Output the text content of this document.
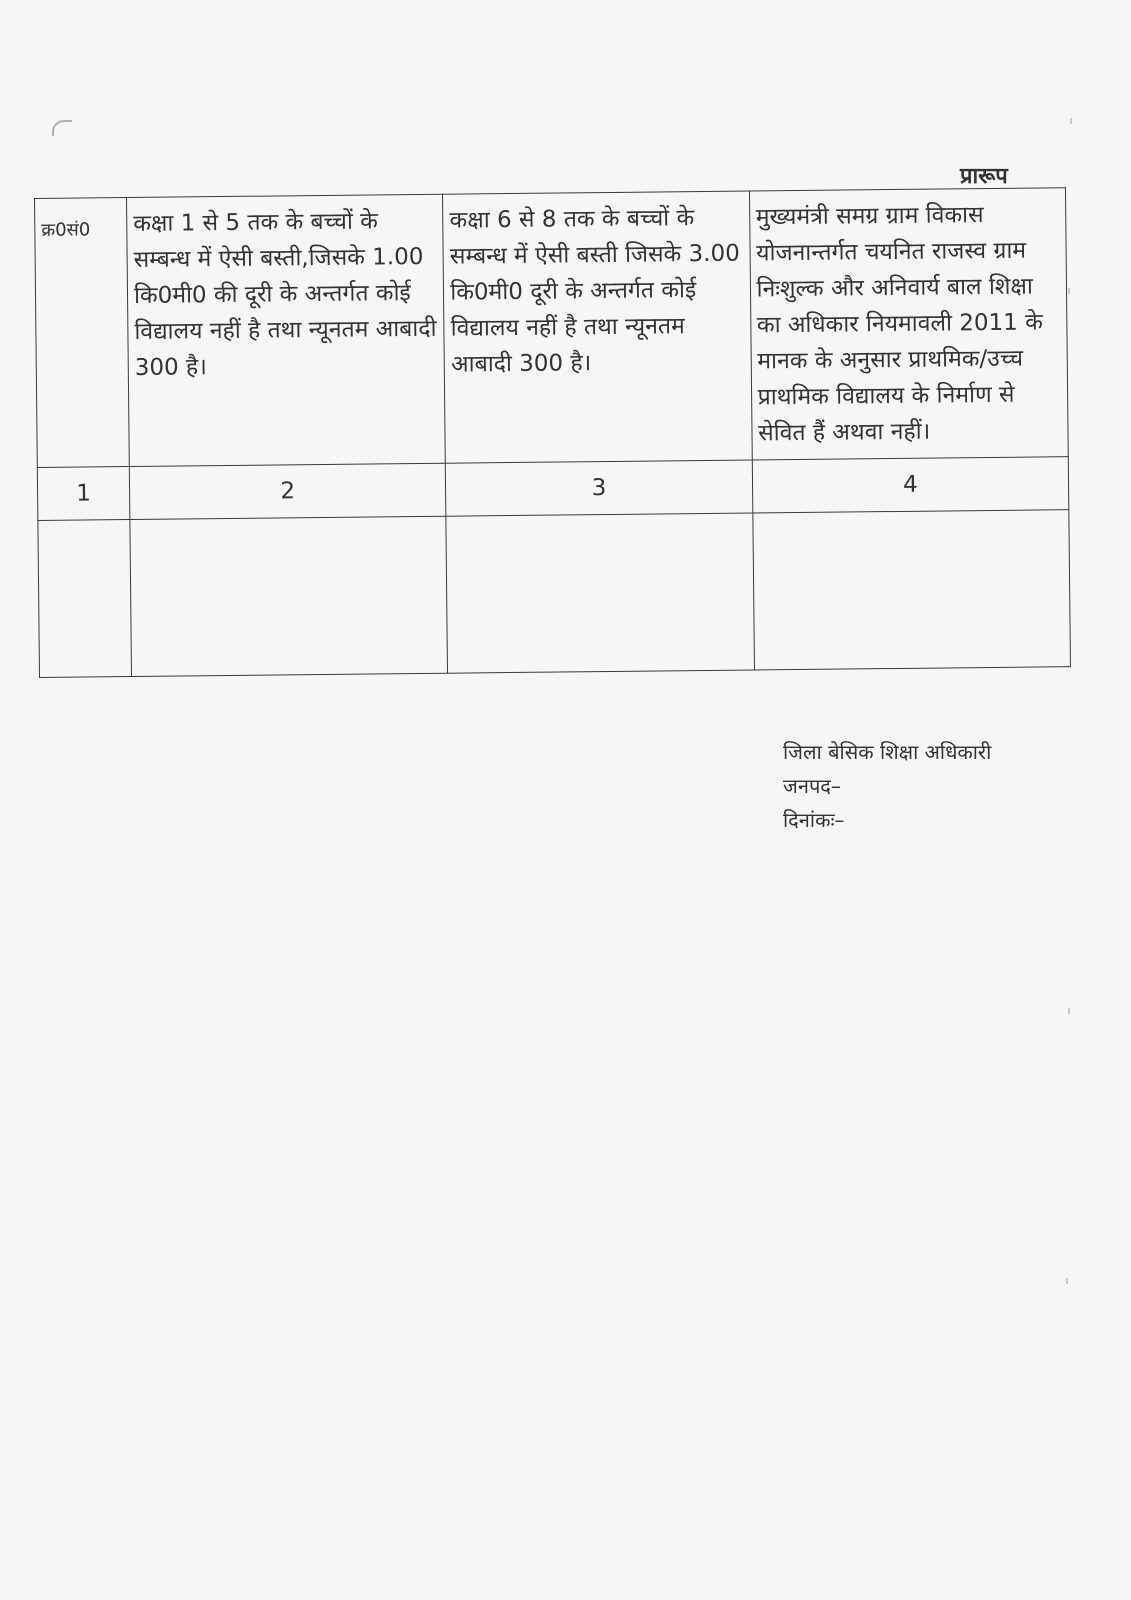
प्रारूप
क्र0सं0	कक्षा 1 से 5 तक के बच्चों के सम्बन्ध में ऐसी बस्ती,जिसके 1.00 कि0मी0 की दूरी के अन्तर्गत कोई विद्यालय नहीं है तथा न्यूनतम आबादी 300 है।	कक्षा 6 से 8 तक के बच्चों के सम्बन्ध में ऐसी बस्ती जिसके 3.00 कि0मी0 दूरी के अन्तर्गत कोई विद्यालय नहीं है तथा न्यूनतम आबादी 300 है।	मुख्यमंत्री समग्र ग्राम विकास योजनान्तर्गत चयनित राजस्व ग्राम निःशुल्क और अनिवार्य बाल शिक्षा का अधिकार नियमावली 2011 के मानक के अनुसार प्राथमिक/उच्च प्राथमिक विद्यालय के निर्माण से सेवित हैं अथवा नहीं।
1	2	3	4

जिला बेसिक शिक्षा अधिकारी
जनपद–
दिनांकः–
